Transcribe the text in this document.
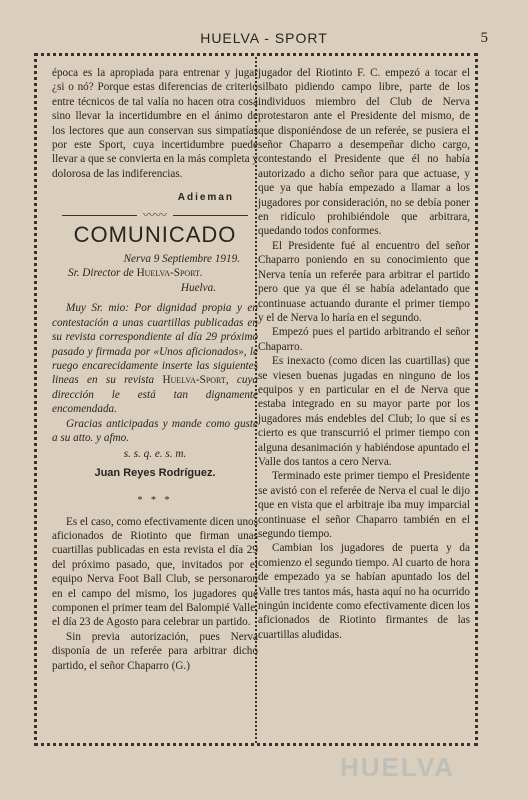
HUELVA - SPORT	5

época es la apropiada para entrenar y jugar ¿si o nó? Porque estas diferencias de criterio entre técnicos de tal valía no hacen otra cosa sino llevar la incertidumbre en el ánimo de los lectores que aun conservan sus simpatías por este Sport, cuya incertidumbre puede llevar a que se convierta en la más completa y dolorosa de las indiferencias.

Adieman
〰〰
COMUNICADO

Nerva 9 Septiembre 1919.

Sr. Director de Huelva-Sport.

Huelva.

Muy Sr. mio: Por dignidad propia y en contestación a unas cuartillas publicadas en su revista correspondiente al día 29 próximo pasado y firmada por «Unos aficionados», le ruego encarecidamente inserte las siguientes lineas en su revista Huelva-Sport, cuya dirección le está tan dignamente encomendada.

Gracias anticipadas y mande como guste a su atto. y afmo.

s. s. q. e. s. m.

Juan Reyes Rodríguez.

* * *

Es el caso, como efectivamente dicen unos aficionados de Riotinto que firman unas cuartillas publicadas en esta revista el día 29 del próximo pasado, que, invitados por el equipo Nerva Foot Ball Club, se personaron en el campo del mismo, los jugadores que componen el primer team del Balompié Valle, el día 23 de Agosto para celebrar un partido.

Sin previa autorización, pues Nerva disponía de un referée para arbitrar dicho partido, el señor Chaparro (G.)

jugador del Riotinto F. C. empezó a tocar el silbato pidiendo campo libre, parte de los individuos miembro del Club de Nerva protestaron ante el Presidente del mismo, de que disponiéndose de un referée, se pusiera el señor Chaparro a desempeñar dicho cargo, contestando el Presidente que él no había autorizado a dicho señor para que actuase, y que ya que había empezado a llamar a los jugadores por consideración, no se debía poner en ridículo prohibiéndole que arbitrara, quedando todos conformes.

El Presidente fué al encuentro del señor Chaparro poniendo en su conocimiento que Nerva tenía un referée para arbitrar el partido pero que ya que él se había adelantado que continuase actuando durante el primer tiempo y el de Nerva lo haría en el segundo.

Empezó pues el partido arbitrando el señor Chaparro.

Es inexacto (como dicen las cuartillas) que se viesen buenas jugadas en ninguno de los equipos y en particular en el de Nerva que estaba integrado en su mayor parte por los jugadores más endebles del Club; lo que sí es cierto es que transcurrió el primer tiempo con alguna desanimación y habiéndose apuntado el Valle dos tantos a cero Nerva.

Terminado este primer tiempo el Presidente se avistó con el referée de Nerva el cual le dijo que en vista que el arbitraje iba muy imparcial continuase el señor Chaparro también en el segundo tiempo.

Cambian los jugadores de puerta y da comienzo el segundo tiempo. Al cuarto de hora de empezado ya se habían apuntado los del Valle tres tantos más, hasta aquí no ha ocurrido ningún incidente como efectivamente dicen los aficionados de Riotinto firmantes de las cuartillas aludidas.

HUELVA
